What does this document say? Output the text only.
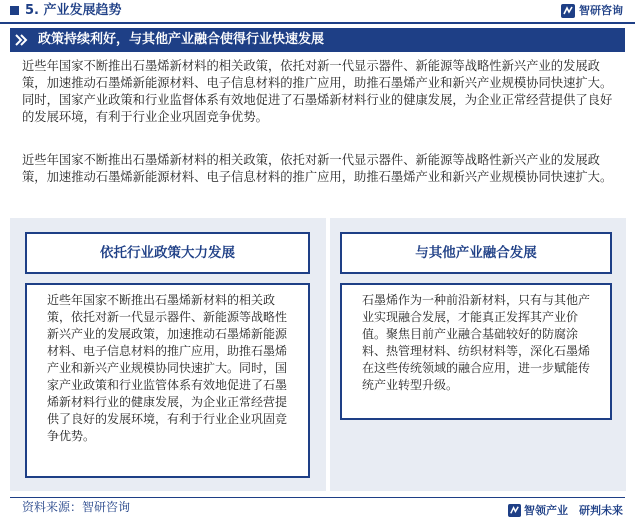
5. 产业发展趋势	智研咨询
政策持续利好，与其他产业融合使得行业快速发展
近些年国家不断推出石墨烯新材料的相关政策，依托对新一代显示器件、新能源等战略性新兴产业的发展政策，加速推动石墨烯新能源材料、电子信息材料的推广应用，助推石墨烯产业和新兴产业规模协同快速扩大。同时，国家产业政策和行业监督体系有效地促进了石墨烯新材料行业的健康发展，为企业正常经营提供了良好的发展环境，有利于行业企业巩固竞争优势。
近些年国家不断推出石墨烯新材料的相关政策，依托对新一代显示器件、新能源等战略性新兴产业的发展政策，加速推动石墨烯新能源材料、电子信息材料的推广应用，助推石墨烯产业和新兴产业规模协同快速扩大。
依托行业政策大力发展	与其他产业融合发展
近些年国家不断推出石墨烯新材料的相关政策，依托对新一代显示器件、新能源等战略性新兴产业的发展政策，加速推动石墨烯新能源材料、电子信息材料的推广应用，助推石墨烯产业和新兴产业规模协同快速扩大。同时，国家产业政策和行业监管体系有效地促进了石墨烯新材料行业的健康发展，为企业正常经营提供了良好的发展环境，有利于行业企业巩固竞争优势。
石墨烯作为一种前沿新材料，只有与其他产业实现融合发展，才能真正发挥其产业价值。聚焦目前产业融合基础较好的防腐涂料、热管理材料、纺织材料等，深化石墨烯在这些传统领域的融合应用，进一步赋能传统产业转型升级。
资料来源：智研咨询	智领产业 研判未来
